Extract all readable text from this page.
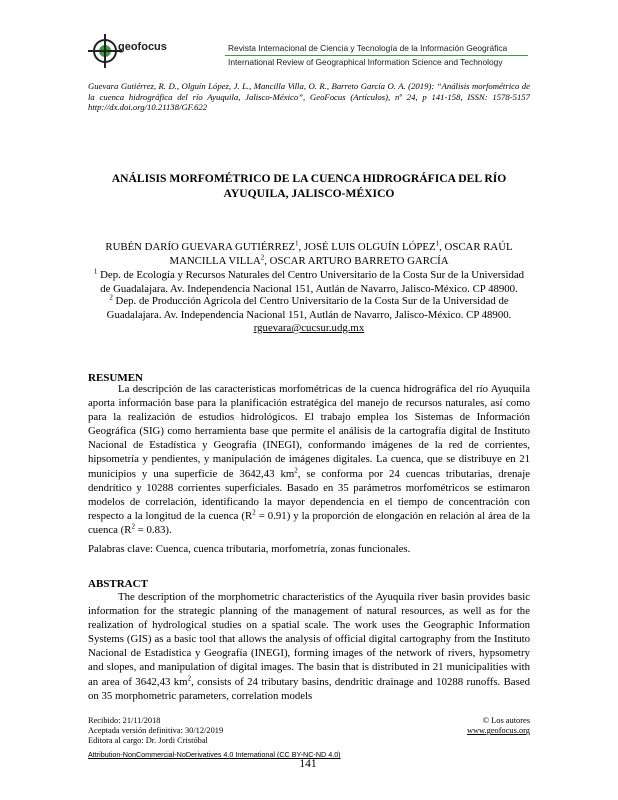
geofocus	Revista Internacional de Ciencia y Tecnología de la Información Geográfica
International Review of Geographical Information Science and Technology
Guevara Gutiérrez, R. D., Olguín López, J. L., Mancilla Villa, O. R., Barreto García O. A. (2019): “Análisis morfométrico de la cuenca hidrográfica del río Ayuquila, Jalisco-México”, GeoFocus (Artículos), nº 24, p 141-158, ISSN: 1578-5157 http://dx.doi.org/10.21138/GF.622
ANÁLISIS MORFOMÉTRICO DE LA CUENCA HIDROGRÁFICA DEL RÍO
AYUQUILA, JALISCO-MÉXICO
RUBÉN DARÍO GUEVARA GUTIÉRREZ$^1$, JOSÉ LUIS OLGUÍN LÓPEZ$^1$, OSCAR RAÚL MANCILLA VILLA$^2$, OSCAR ARTURO BARRETO GARCÍA
$^1$ Dep. de Ecología y Recursos Naturales del Centro Universitario de la Costa Sur de la Universidad de Guadalajara. Av. Independencia Nacional 151, Autlán de Navarro, Jalisco-México. CP 48900.
$^2$ Dep. de Producción Agrícola del Centro Universitario de la Costa Sur de la Universidad de Guadalajara. Av. Independencia Nacional 151, Autlán de Navarro, Jalisco-México. CP 48900.
rguevara@cucsur.udg.mx
RESUMEN
La descripción de las características morfométricas de la cuenca hidrográfica del río Ayuquila aporta información base para la planificación estratégica del manejo de recursos naturales, así como para la realización de estudios hidrológicos. El trabajo emplea los Sistemas de Información Geográfica (SIG) como herramienta base que permite el análisis de la cartografía digital de Instituto Nacional de Estadística y Geografía (INEGI), conformando imágenes de la red de corrientes, hipsometría y pendientes, y manipulación de imágenes digitales. La cuenca, que se distribuye en 21 municipios y una superficie de 3642,43 $km^2$, se conforma por 24 cuencas tributarias, drenaje dendrítico y 10288 corrientes superficiales. Basado en 35 parámetros morfométricos se estimaron modelos de correlación, identificando la mayor dependencia en el tiempo de concentración con respecto a la longitud de la cuenca $(R^2 = 0.91)$ y la proporción de elongación en relación al área de la cuenca $(R^2 = 0.83)$.
Palabras clave: Cuenca, cuenca tributaria, morfometría, zonas funcionales.
ABSTRACT
The description of the morphometric characteristics of the Ayuquila river basin provides basic information for the strategic planning of the management of natural resources, as well as for the realization of hydrological studies on a spatial scale. The work uses the Geographic Information Systems (GIS) as a basic tool that allows the analysis of official digital cartography from the Instituto Nacional de Estadística y Geografía (INEGI), forming images of the network of rivers, hypsometry and slopes, and manipulation of digital images. The basin that is distributed in 21 municipalities with an area of 3642,43 $km^2$, consists of 24 tributary basins, dendritic drainage and 10288 runoffs. Based on 35 morphometric parameters, correlation models
Recibido: 21/11/2018
Aceptada versión definitiva: 30/12/2019
Editora al cargo: Dr. Jordi Cristóbal
Attribution-NonCommercial-NoDerivatives 4.0 International (CC BY-NC-ND 4.0)
© Los autores
www.geofocus.org
141
